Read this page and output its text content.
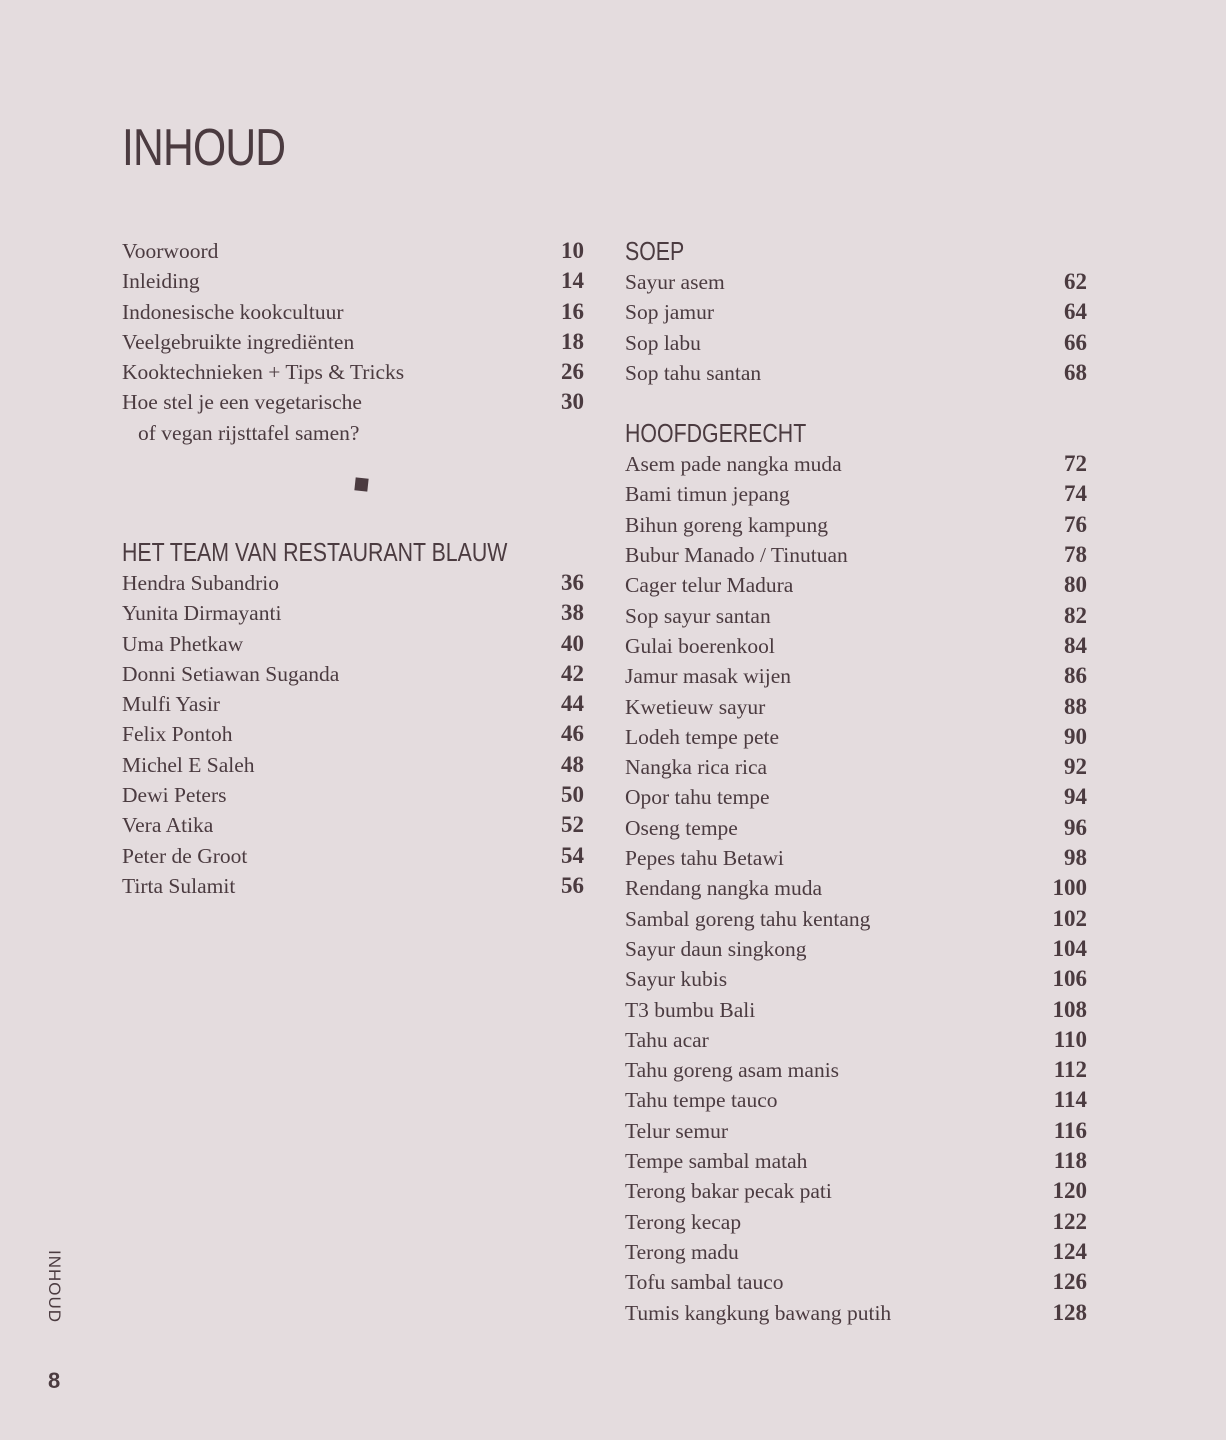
INHOUD
Voorwoord	10
Inleiding	14
Indonesische kookcultuur	16
Veelgebruikte ingrediënten	18
Kooktechnieken + Tips & Tricks	26
Hoe stel je een vegetarische	30
of vegan rijsttafel samen?
HET TEAM VAN RESTAURANT BLAUW
Hendra Subandrio	36
Yunita Dirmayanti	38
Uma Phetkaw	40
Donni Setiawan Suganda	42
Mulfi Yasir	44
Felix Pontoh	46
Michel E Saleh	48
Dewi Peters	50
Vera Atika	52
Peter de Groot	54
Tirta Sulamit	56
SOEP
Sayur asem	62
Sop jamur	64
Sop labu	66
Sop tahu santan	68
HOOFDGERECHT
Asem pade nangka muda	72
Bami timun jepang	74
Bihun goreng kampung	76
Bubur Manado / Tinutuan	78
Cager telur Madura	80
Sop sayur santan	82
Gulai boerenkool	84
Jamur masak wijen	86
Kwetieuw sayur	88
Lodeh tempe pete	90
Nangka rica rica	92
Opor tahu tempe	94
Oseng tempe	96
Pepes tahu Betawi	98
Rendang nangka muda	100
Sambal goreng tahu kentang	102
Sayur daun singkong	104
Sayur kubis	106
T3 bumbu Bali	108
Tahu acar	110
Tahu goreng asam manis	112
Tahu tempe tauco	114
Telur semur	116
Tempe sambal matah	118
Terong bakar pecak pati	120
Terong kecap	122
Terong madu	124
Tofu sambal tauco	126
Tumis kangkung bawang putih	128
INHOUD
8
